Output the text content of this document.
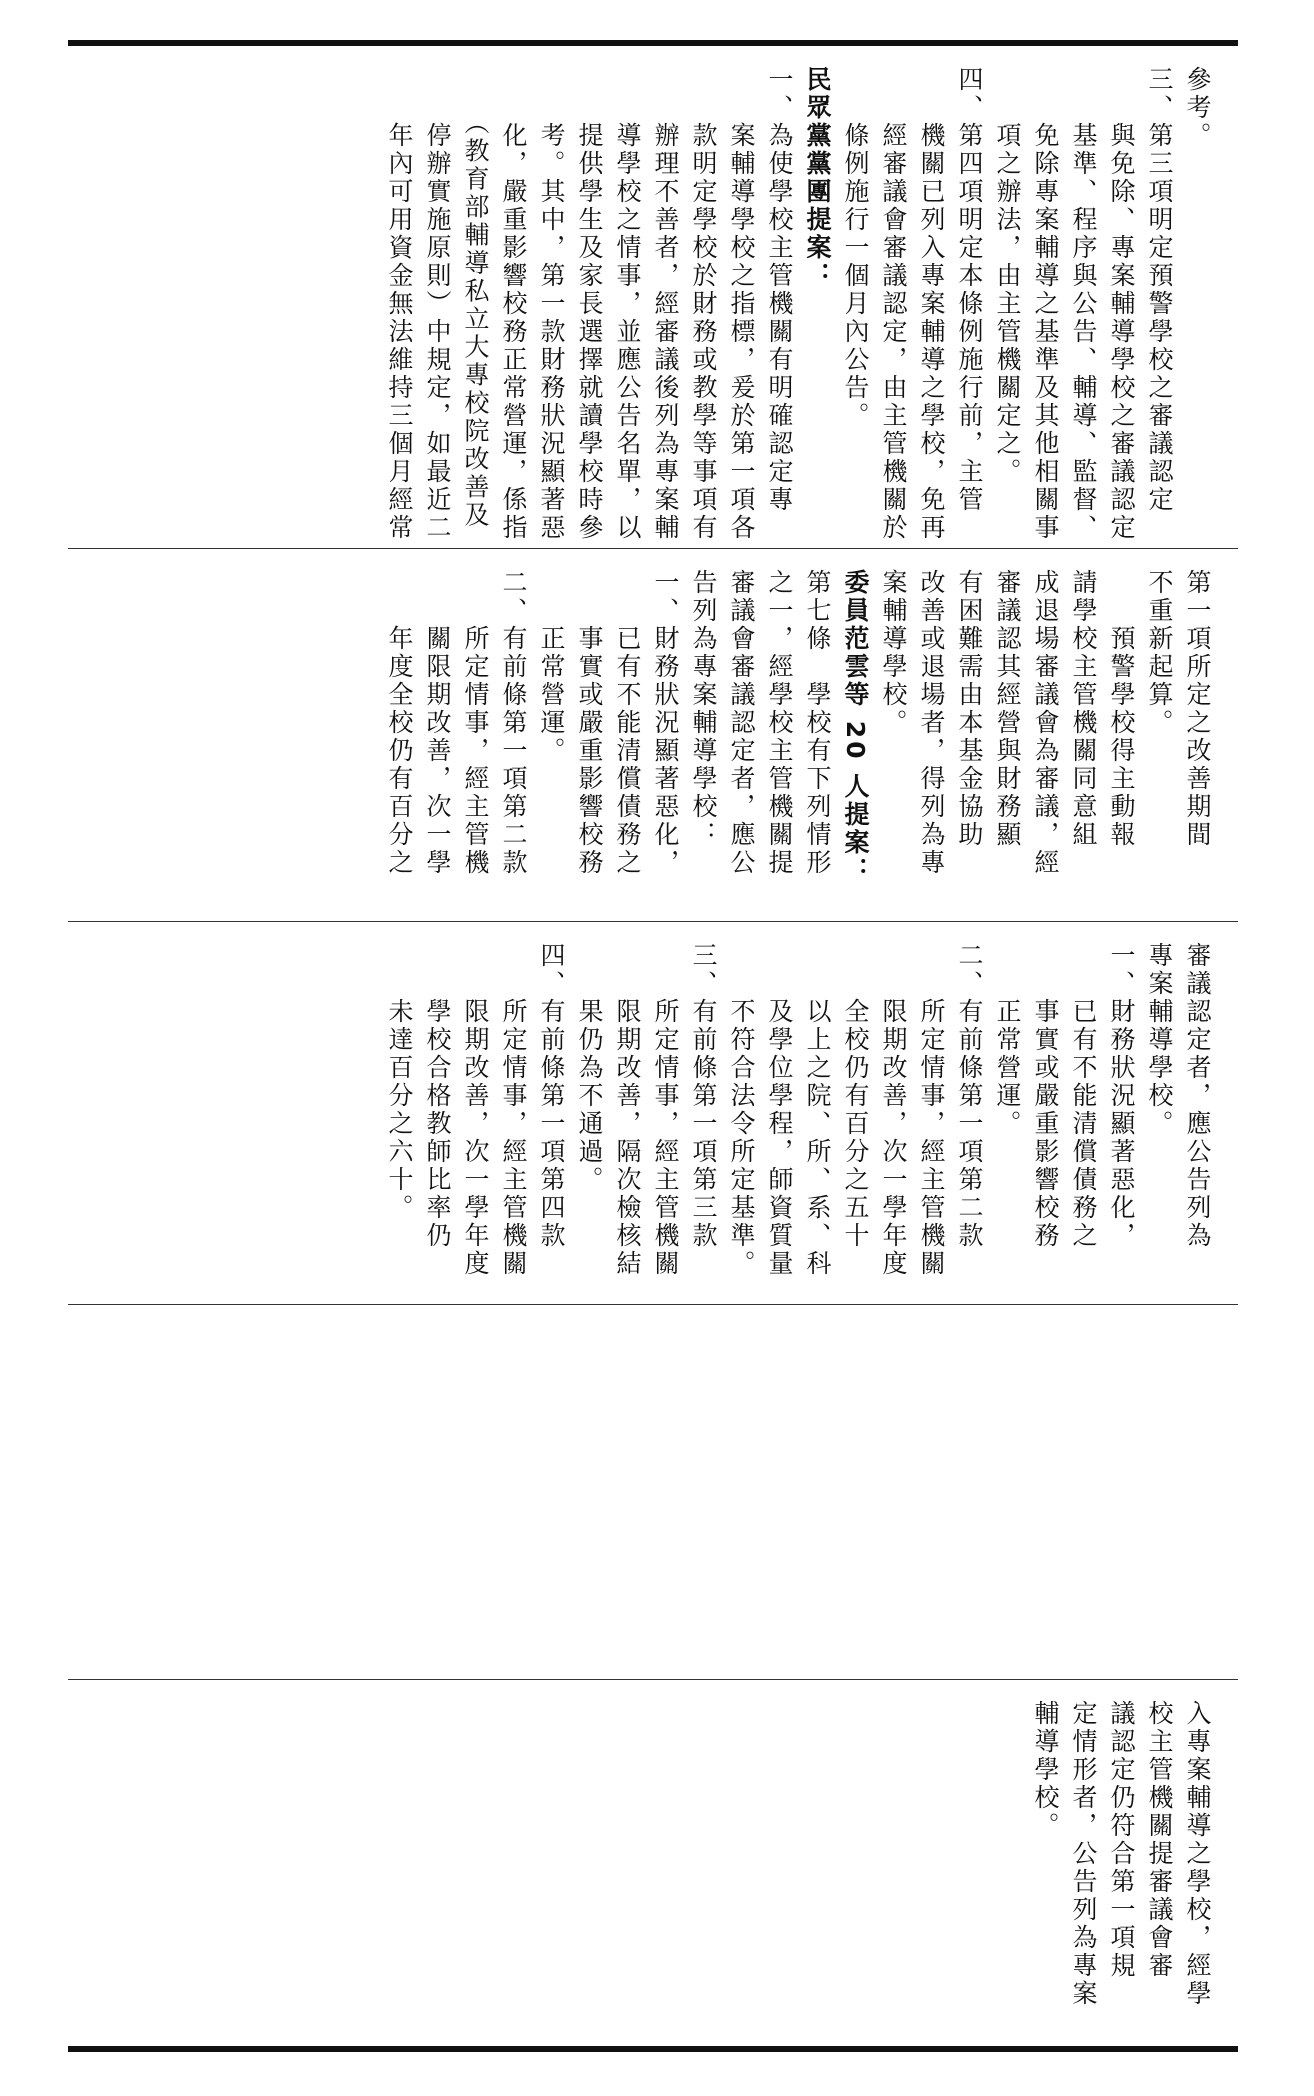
參考。
三、第三項明定預警學校之審議認定
　　與免除、專案輔導學校之審議認定
　　基準、程序與公告、輔導、監督、
　　免除專案輔導之基準及其他相關事
　　項之辦法，由主管機關定之。
四、第四項明定本條例施行前，主管
　　機關已列入專案輔導之學校，免再
　　經審議會審議認定，由主管機關於
　　條例施行一個月內公告。
民眾黨黨團提案：
一、為使學校主管機關有明確認定專
　　案輔導學校之指標，爰於第一項各
　　款明定學校於財務或教學等事項有
　　辦理不善者，經審議後列為專案輔
　　導學校之情事，並應公告名單，以
　　提供學生及家長選擇就讀學校時參
　　考。其中，第一款財務狀況顯著惡
　　化，嚴重影響校務正常營運，係指
　　（教育部輔導私立大專校院改善及
　　停辦實施原則）中規定，如最近二
　　年內可用資金無法維持三個月經常
第一項所定之改善期間
不重新起算。
　　預警學校得主動報
請學校主管機關同意組
成退場審議會為審議，經
審議認其經營與財務顯
有困難需由本基金協助
改善或退場者，得列為專
案輔導學校。
委員范雲等 20 人提案：
第七條　學校有下列情形
之一，經學校主管機關提
審議會審議認定者，應公
告列為專案輔導學校：
一、財務狀況顯著惡化，
　　已有不能清償債務之
　　事實或嚴重影響校務
　　正常營運。
二、有前條第一項第二款
　　所定情事，經主管機
　　關限期改善，次一學
　　年度全校仍有百分之
審議認定者，應公告列為
專案輔導學校。
一、財務狀況顯著惡化，
　　已有不能清償債務之
　　事實或嚴重影響校務
　　正常營運。
二、有前條第一項第二款
　　所定情事，經主管機關
　　限期改善，次一學年度
　　全校仍有百分之五十
　　以上之院、所、系、科
　　及學位學程，師資質量
　　不符合法令所定基準。
三、有前條第一項第三款
　　所定情事，經主管機關
　　限期改善，隔次檢核結
　　果仍為不通過。
四、有前條第一項第四款
　　所定情事，經主管機關
　　限期改善，次一學年度
　　學校合格教師比率仍
　　未達百分之六十。
入專案輔導之學校，經學
校主管機關提審議會審
議認定仍符合第一項規
定情形者，公告列為專案
輔導學校。
